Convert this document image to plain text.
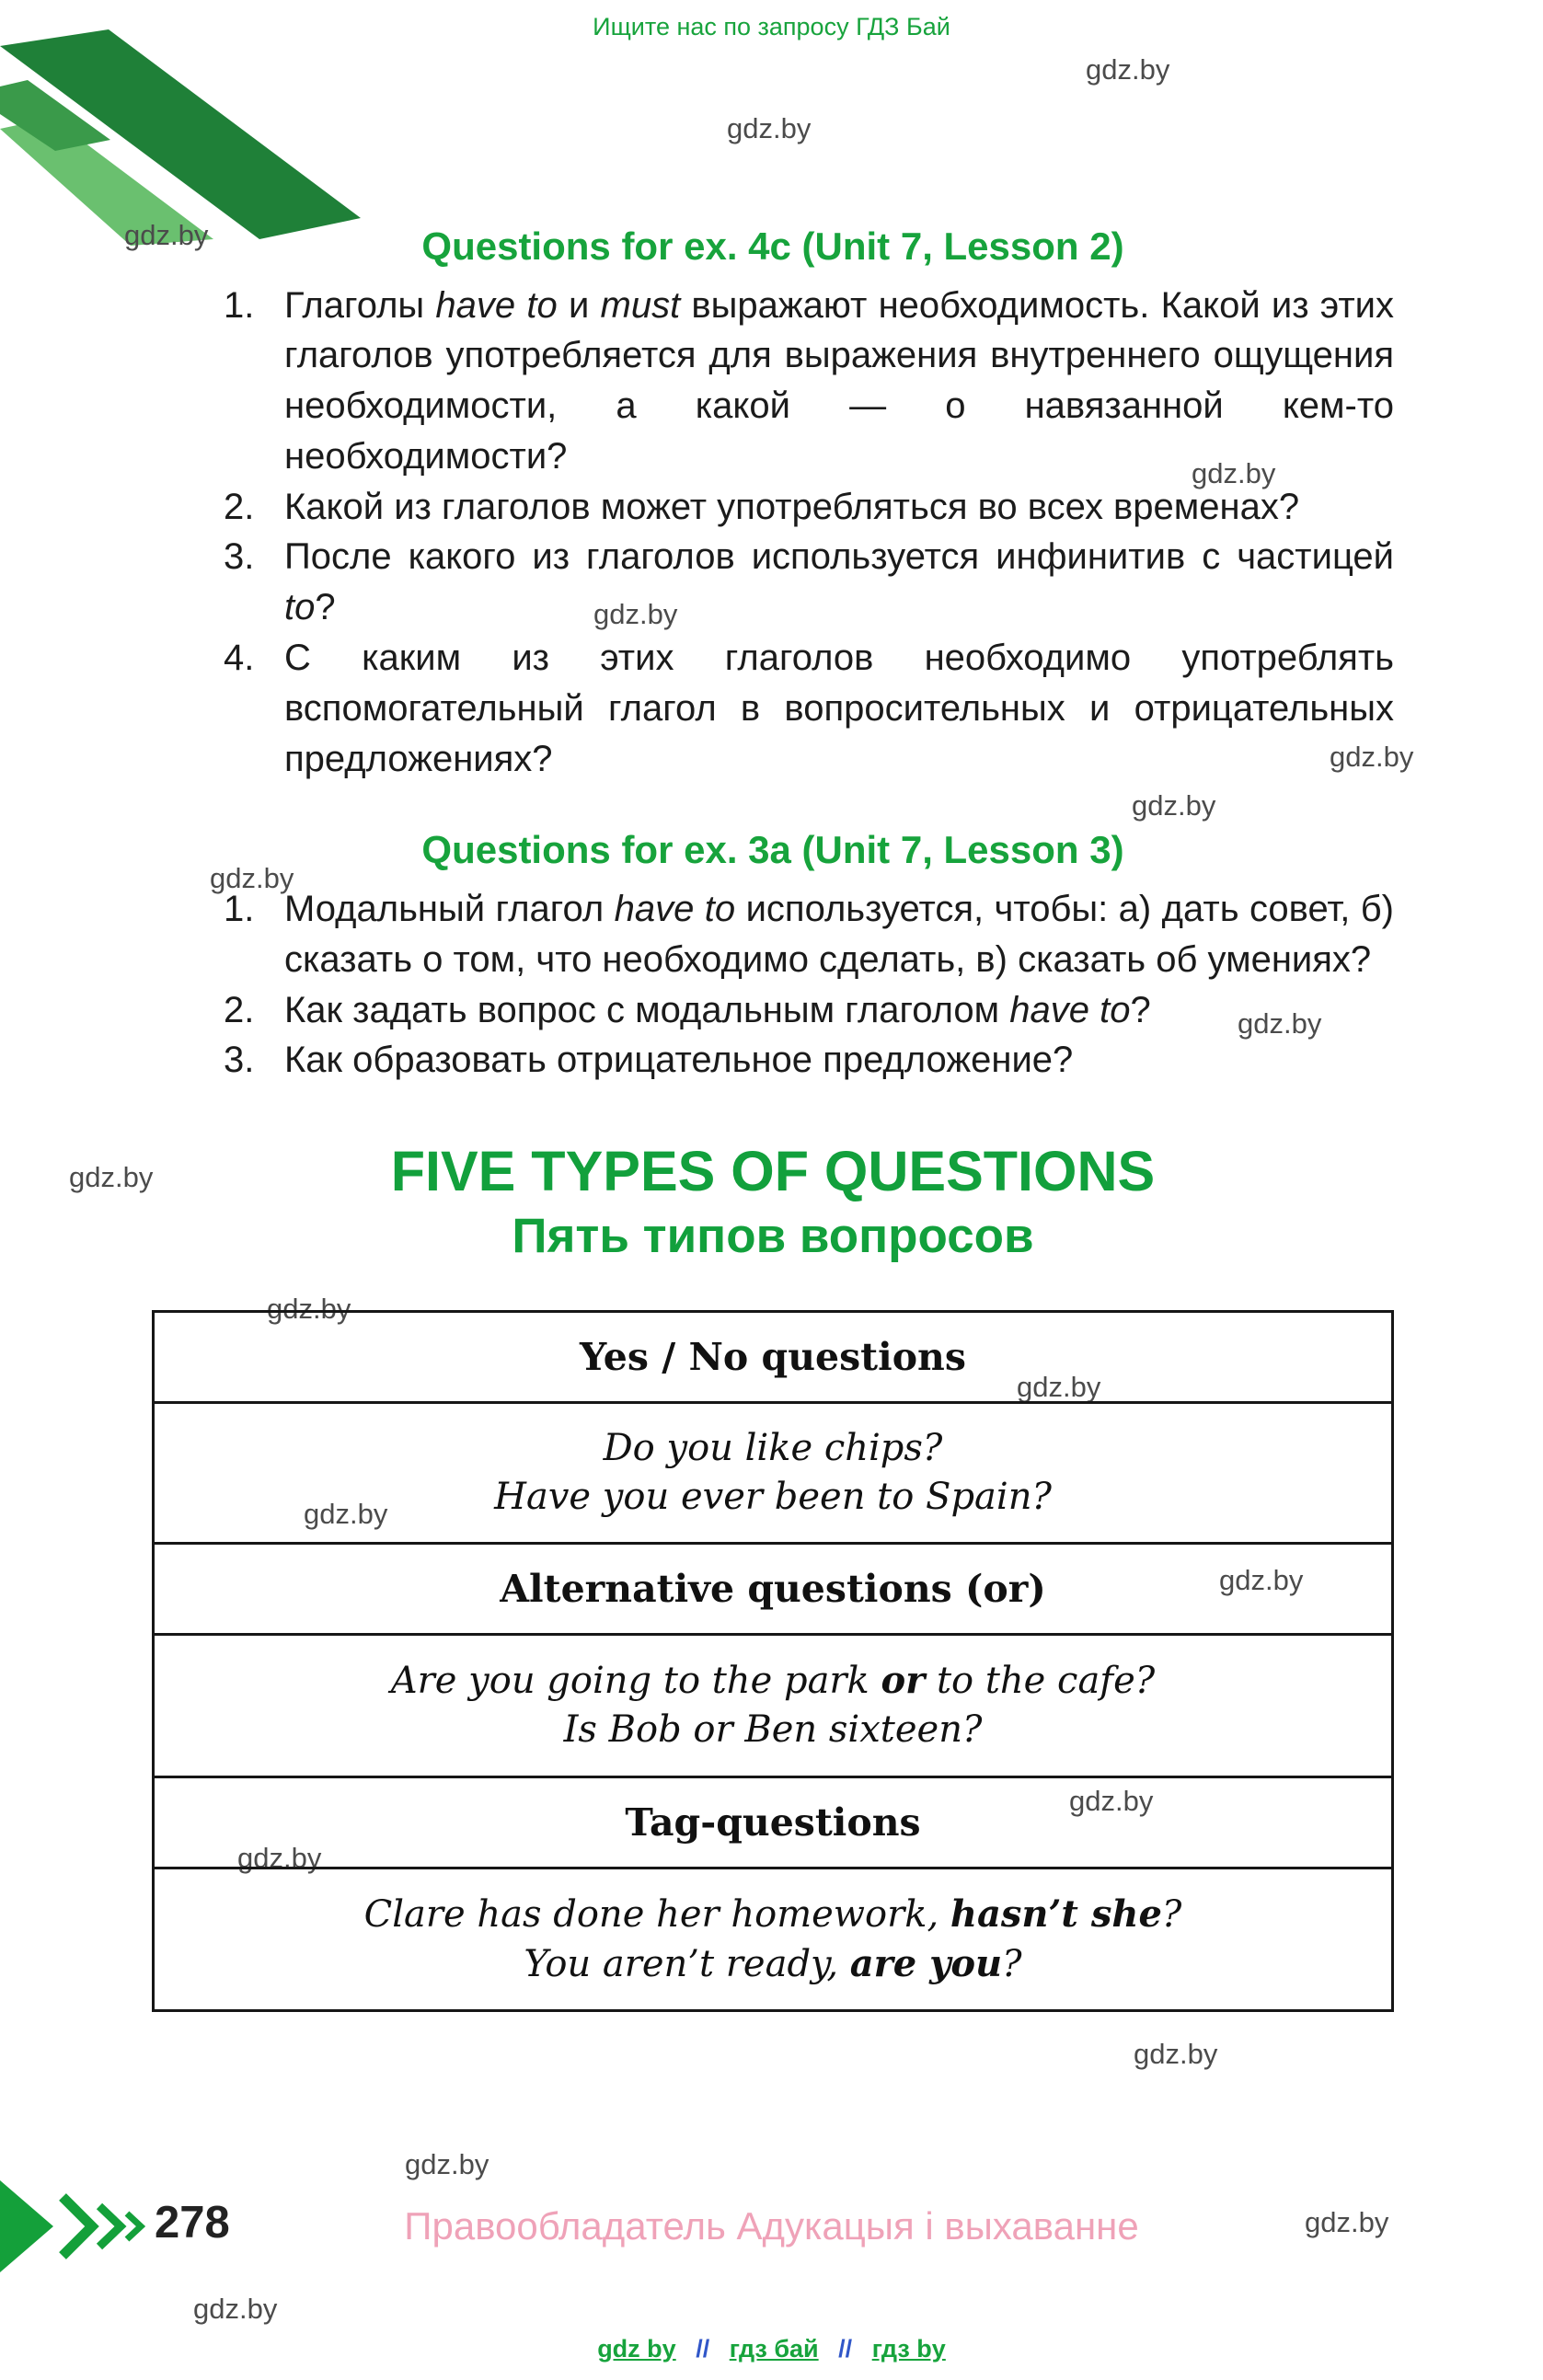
Ищите нас по запросу ГДЗ Бай
gdz.by
gdz.by
gdz.by
gdz.by
gdz.by
gdz.by
gdz.by
gdz.by
gdz.by
gdz.by
gdz.by
gdz.by
gdz.by
gdz.by
gdz.by
gdz.by
gdz.by
gdz.by
gdz.by
gdz.by
Questions for ex. 4c (Unit 7, Lesson 2)
1. Глаголы have to и must выражают необходимость. Какой из этих глаголов употребляется для выражения внутреннего ощущения необходимости, а какой — о навязанной кем-то необходимости?
2. Какой из глаголов может употребляться во всех временах?
3. После какого из глаголов используется инфинитив с частицей to?
4. С каким из этих глаголов необходимо употреблять вспомогательный глагол в вопросительных и отрицательных предложениях?
Questions for ex. 3a (Unit 7, Lesson 3)
1. Модальный глагол have to используется, чтобы: а) дать совет, б) сказать о том, что необходимо сделать, в) сказать об умениях?
2. Как задать вопрос с модальным глаголом have to?
3. Как образовать отрицательное предложение?
FIVE TYPES OF QUESTIONS
Пять типов вопросов
Yes / No questions
Do you like chips?
Have you ever been to Spain?
Alternative questions (or)
Are you going to the park or to the cafe?
Is Bob or Ben sixteen?
Tag-questions
Clare has done her homework, hasn’t she?
You aren’t ready, are you?
278	Правообладатель Адукацыя і выхаванне
gdz by // гдз бай // гдз by
